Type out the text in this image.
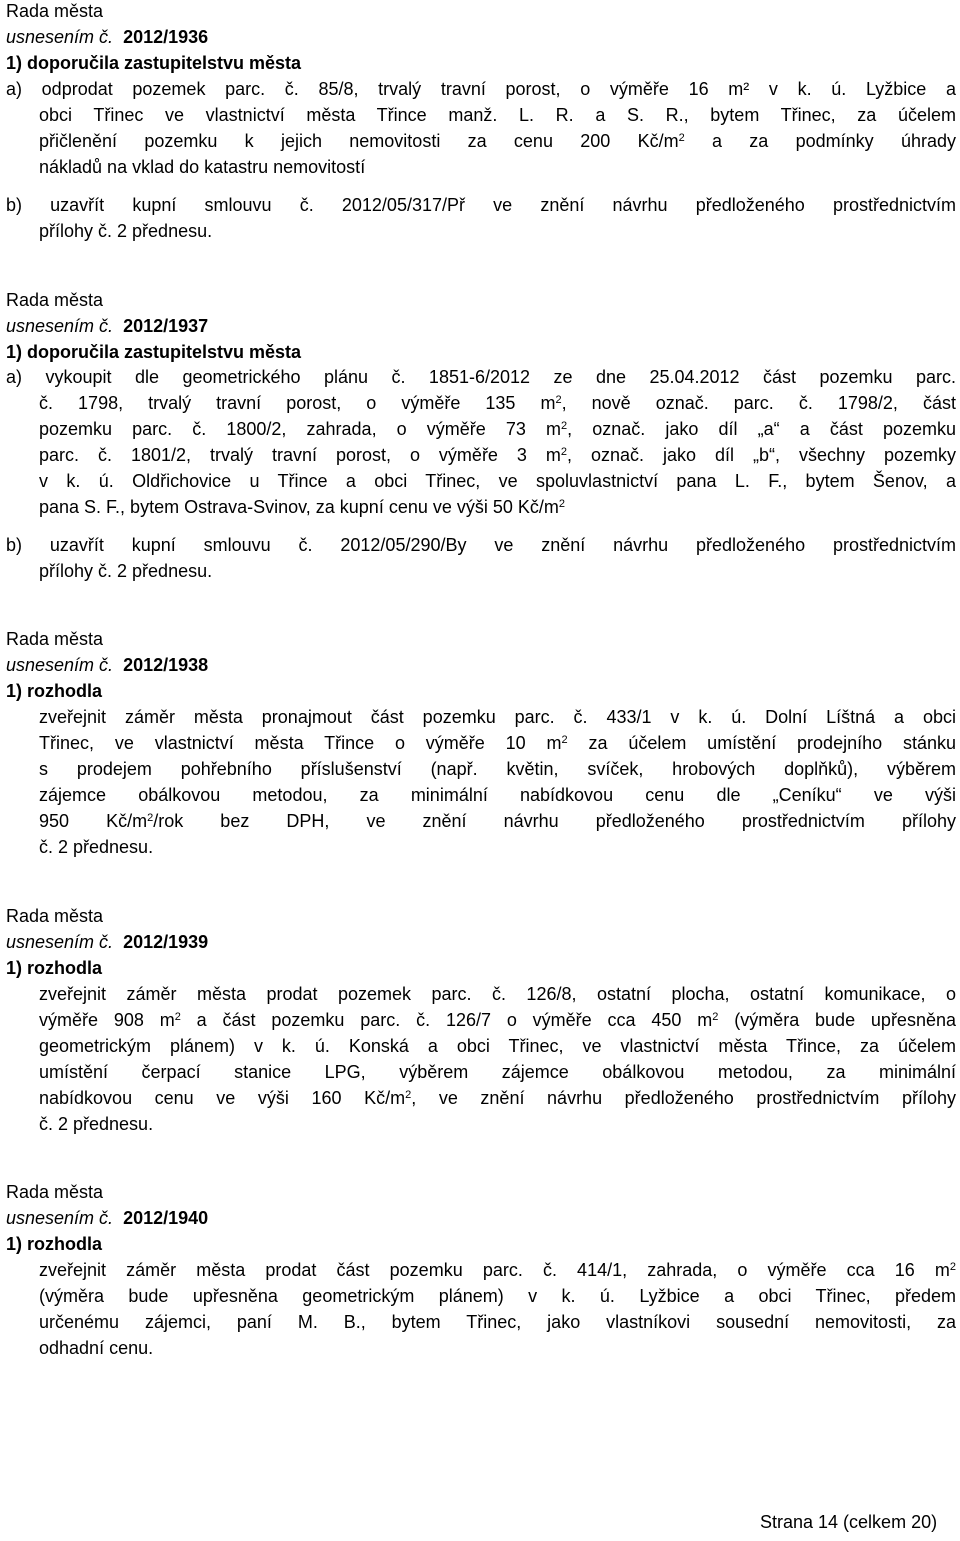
Rada města
usnesením č. 2012/1936
1) doporučila zastupitelstvu města
a) odprodat pozemek parc. č. 85/8, trvalý travní porost, o výměře 16 m² v k. ú. Lyžbice a
obci Třinec ve vlastnictví města Třince manž. L. R. a S. R., bytem Třinec, za účelem
přičlenění pozemku k jejich nemovitosti za cenu 200 $Kč/m^2$ a za podmínky úhrady
nákladů na vklad do katastru nemovitostí
b) uzavřít kupní smlouvu č. 2012/05/317/Př ve znění návrhu předloženého prostřednictvím
přílohy č. 2 přednesu.
Rada města
usnesením č. 2012/1937
1) doporučila zastupitelstvu města
a) vykoupit dle geometrického plánu č. 1851-6/2012 ze dne 25.04.2012 část pozemku parc.
č. 1798, trvalý travní porost, o výměře 135 $m^2$, nově označ. parc. č. 1798/2, část
pozemku parc. č. 1800/2, zahrada, o výměře 73 $m^2$, označ. jako díl „a“ a část pozemku
parc. č. 1801/2, trvalý travní porost, o výměře 3 $m^2$, označ. jako díl „b“, všechny pozemky
v k. ú. Oldřichovice u Třince a obci Třinec, ve spoluvlastnictví pana L. F., bytem Šenov, a
pana S. F., bytem Ostrava-Svinov, za kupní cenu ve výši 50 $Kč/m^2$
b) uzavřít kupní smlouvu č. 2012/05/290/By ve znění návrhu předloženého prostřednictvím
přílohy č. 2 přednesu.
Rada města
usnesením č. 2012/1938
1) rozhodla
zveřejnit záměr města pronajmout část pozemku parc. č. 433/1 v k. ú. Dolní Líštná a obci
Třinec, ve vlastnictví města Třince o výměře 10 $m^2$ za účelem umístění prodejního stánku
s prodejem pohřebního příslušenství (např. květin, svíček, hrobových doplňků), výběrem
zájemce obálkovou metodou, za minimální nabídkovou cenu dle „Ceníku“ ve výši
950 $Kč/m^2$/rok bez DPH, ve znění návrhu předloženého prostřednictvím přílohy
č. 2 přednesu.
Rada města
usnesením č. 2012/1939
1) rozhodla
zveřejnit záměr města prodat pozemek parc. č. 126/8, ostatní plocha, ostatní komunikace, o
výměře 908 $m^2$ a část pozemku parc. č. 126/7 o výměře cca 450 $m^2$ (výměra bude upřesněna
geometrickým plánem) v k. ú. Konská a obci Třinec, ve vlastnictví města Třince, za účelem
umístění čerpací stanice LPG, výběrem zájemce obálkovou metodou, za minimální
nabídkovou cenu ve výši 160 $Kč/m^2$, ve znění návrhu předloženého prostřednictvím přílohy
č. 2 přednesu.
Rada města
usnesením č. 2012/1940
1) rozhodla
zveřejnit záměr města prodat část pozemku parc. č. 414/1, zahrada, o výměře cca 16 $m^2$
(výměra bude upřesněna geometrickým plánem) v k. ú. Lyžbice a obci Třinec, předem
určenému zájemci, paní M. B., bytem Třinec, jako vlastníkovi sousední nemovitosti, za
odhadní cenu.
Strana 14 (celkem 20)
